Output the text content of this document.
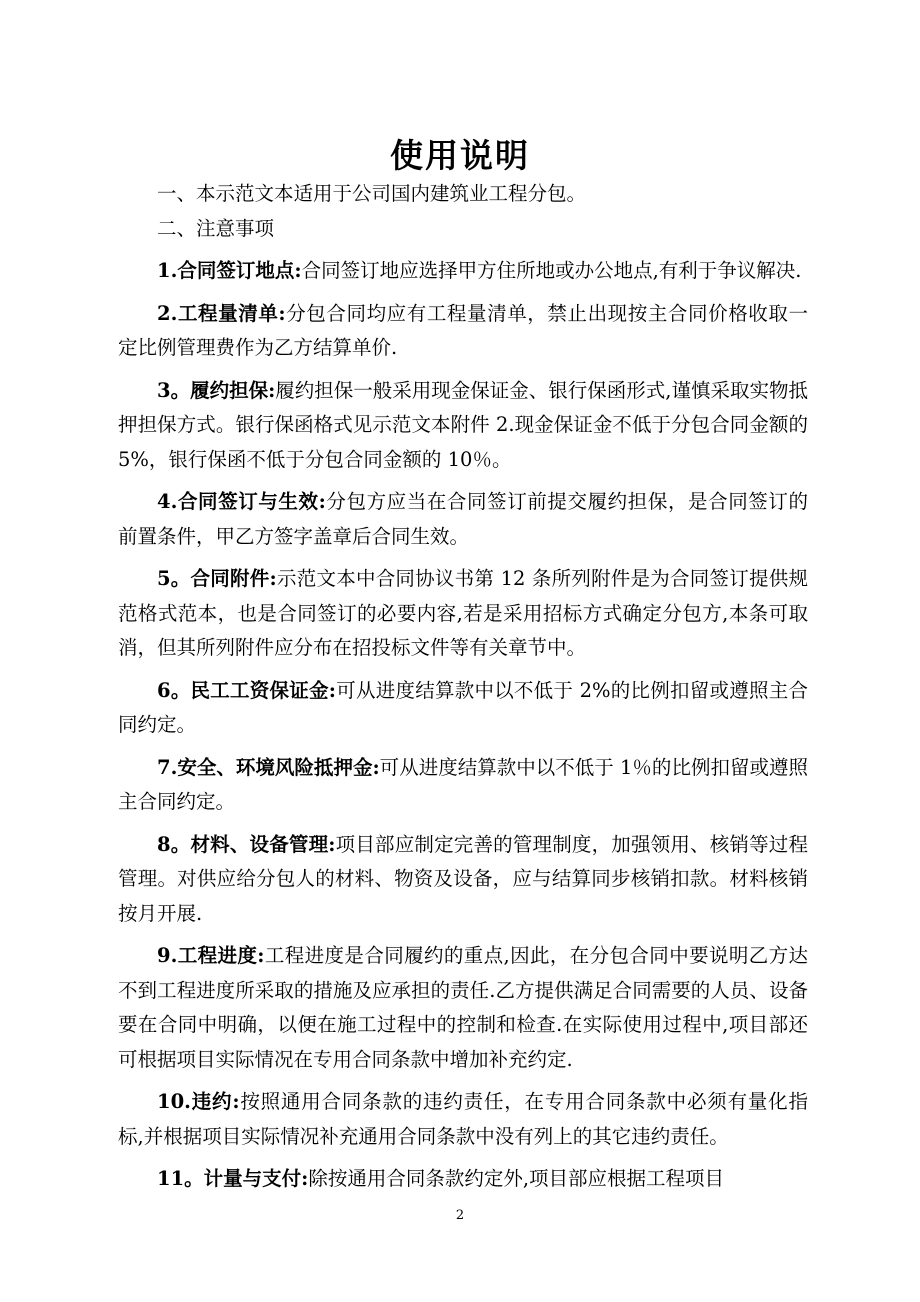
使用说明

一、本示范文本适用于公司国内建筑业工程分包。

二、注意事项

1.合同签订地点:合同签订地应选择甲方住所地或办公地点,有利于争议解决.

2.工程量清单:分包合同均应有工程量清单，禁止出现按主合同价格收取一定比例管理费作为乙方结算单价.

3。履约担保:履约担保一般采用现金保证金、银行保函形式,谨慎采取实物抵押担保方式。银行保函格式见示范文本附件 2.现金保证金不低于分包合同金额的 5%，银行保函不低于分包合同金额的 10％。

4.合同签订与生效:分包方应当在合同签订前提交履约担保，是合同签订的前置条件，甲乙方签字盖章后合同生效。

5。合同附件:示范文本中合同协议书第 12 条所列附件是为合同签订提供规范格式范本，也是合同签订的必要内容,若是采用招标方式确定分包方,本条可取消，但其所列附件应分布在招投标文件等有关章节中。

6。民工工资保证金:可从进度结算款中以不低于 2%的比例扣留或遵照主合同约定。

7.安全、环境风险抵押金:可从进度结算款中以不低于 1％的比例扣留或遵照主合同约定。

8。材料、设备管理:项目部应制定完善的管理制度，加强领用、核销等过程管理。对供应给分包人的材料、物资及设备，应与结算同步核销扣款。材料核销按月开展.

9.工程进度:工程进度是合同履约的重点,因此，在分包合同中要说明乙方达不到工程进度所采取的措施及应承担的责任.乙方提供满足合同需要的人员、设备要在合同中明确，以便在施工过程中的控制和检查.在实际使用过程中,项目部还可根据项目实际情况在专用合同条款中增加补充约定.

10.违约:按照通用合同条款的违约责任，在专用合同条款中必须有量化指标,并根据项目实际情况补充通用合同条款中没有列上的其它违约责任。

11。计量与支付:除按通用合同条款约定外,项目部应根据工程项目

2
